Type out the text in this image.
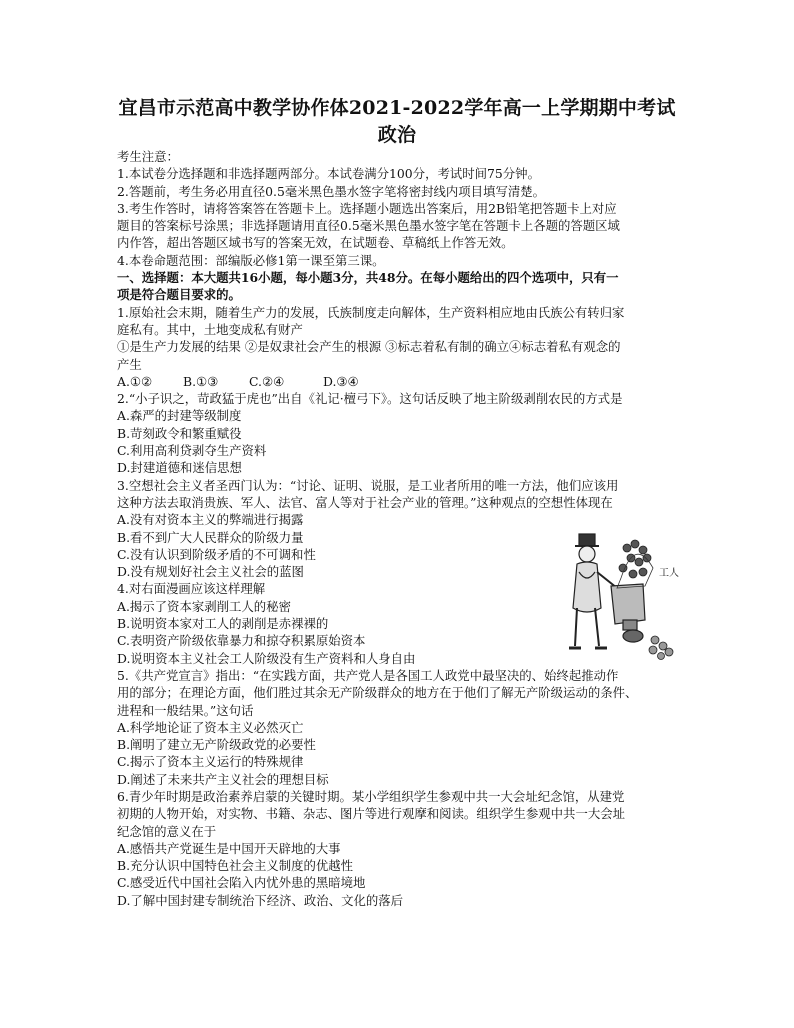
宜昌市示范高中教学协作体2021-2022学年高一上学期期中考试
政治
考生注意：
1.本试卷分选择题和非选择题两部分。本试卷满分100分，考试时间75分钟。
2.答题前，考生务必用直径0.5毫米黑色墨水签字笔将密封线内项目填写清楚。
3.考生作答时，请将答案答在答题卡上。选择题小题选出答案后，用2B铅笔把答题卡上对应
题目的答案标号涂黑；非选择题请用直径0.5毫米黑色墨水签字笔在答题卡上各题的答题区域
内作答，超出答题区域书写的答案无效，在试题卷、草稿纸上作答无效。
4.本卷命题范围：部编版必修1第一课至第三课。
一、选择题：本大题共16小题，每小题3分，共48分。在每小题给出的四个选项中，只有一
项是符合题目要求的。
1.原始社会末期，随着生产力的发展，氏族制度走向解体，生产资料相应地由氏族公有转归家
庭私有。其中，土地变成私有财产
①是生产力发展的结果 ②是奴隶社会产生的根源 ③标志着私有制的确立④标志着私有观念的
产生
A.①② B.①③ C.②④	D.③④
2.“小子识之，苛政猛于虎也”出自《礼记·檀弓下》。这句话反映了地主阶级剥削农民的方式是
A.森严的封建等级制度
B.苛刻政令和繁重赋役
C.利用高利贷剥夺生产资料
D.封建道德和迷信思想
3.空想社会主义者圣西门认为：“讨论、证明、说服，是工业者所用的唯一方法，他们应该用
这种方法去取消贵族、军人、法官、富人等对于社会产业的管理。”这种观点的空想性体现在
A.没有对资本主义的弊端进行揭露
B.看不到广大人民群众的阶级力量
C.没有认识到阶级矛盾的不可调和性
D.没有规划好社会主义社会的蓝图
4.对右面漫画应该这样理解
A.揭示了资本家剥削工人的秘密
B.说明资本家对工人的剥削是赤裸裸的
C.表明资产阶级依靠暴力和掠夺积累原始资本
D.说明资本主义社会工人阶级没有生产资料和人身自由
5.《共产党宣言》指出：“在实践方面，共产党人是各国工人政党中最坚决的、始终起推动作
用的部分；在理论方面，他们胜过其余无产阶级群众的地方在于他们了解无产阶级运动的条件、
进程和一般结果。”这句话
A.科学地论证了资本主义必然灭亡
B.阐明了建立无产阶级政党的必要性
C.揭示了资本主义运行的特殊规律
D.阐述了未来共产主义社会的理想目标
6.青少年时期是政治素养启蒙的关键时期。某小学组织学生参观中共一大会址纪念馆，从建党
初期的人物开始，对实物、书籍、杂志、图片等进行观摩和阅读。组织学生参观中共一大会址
纪念馆的意义在于
A.感悟共产党诞生是中国开天辟地的大事
B.充分认识中国特色社会主义制度的优越性
C.感受近代中国社会陷入内忧外患的黑暗境地
D.了解中国封建专制统治下经济、政治、文化的落后
工人
